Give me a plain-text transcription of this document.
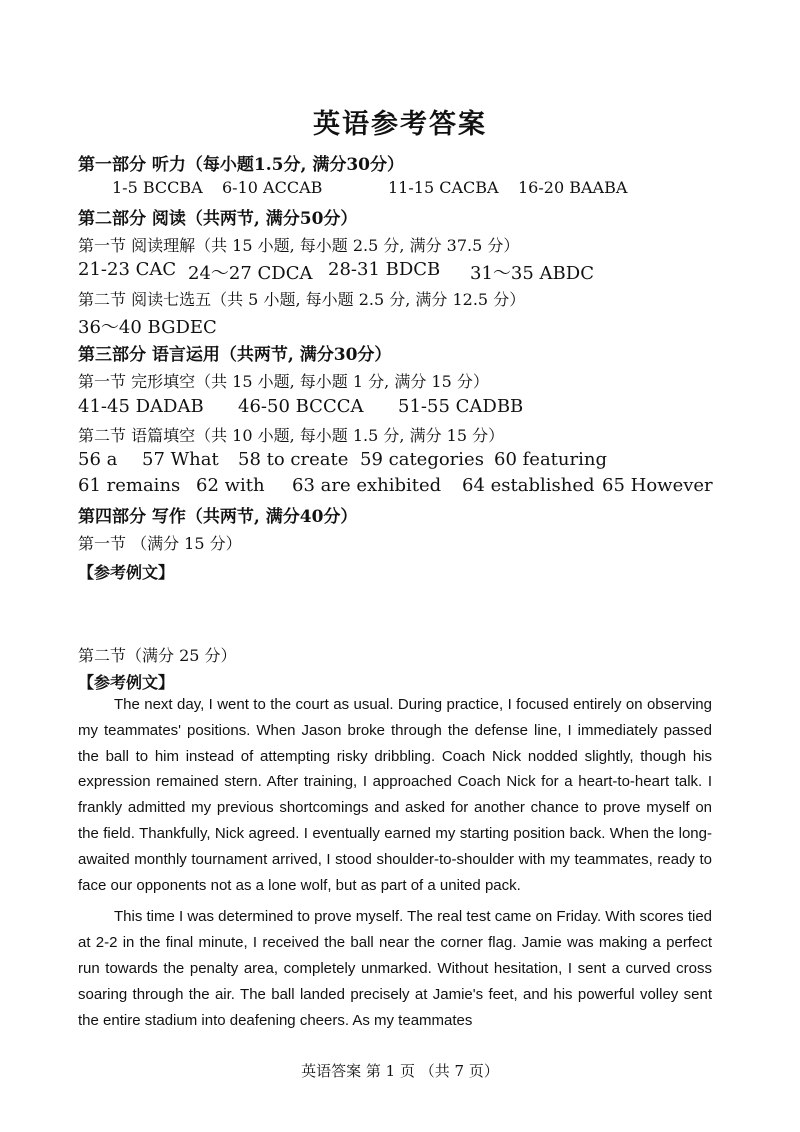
英语参考答案
第一部分 听力（每小题1.5分, 满分30分）
1-5 BCCBA 6-10 ACCAB	11-15 CACBA 16-20 BAABA
第二部分 阅读（共两节, 满分50分）
第一节 阅读理解（共 15 小题, 每小题 2.5 分, 满分 37.5 分）
21-23 CAC 24～27 CDCA 28-31 BDCB 31～35 ABDC
第二节 阅读七选五（共 5 小题, 每小题 2.5 分, 满分 12.5 分）
36～40 BGDEC
第三部分 语言运用（共两节, 满分30分）
第一节 完形填空（共 15 小题, 每小题 1 分, 满分 15 分）
41-45 DADAB 46-50 BCCCA 51-55 CADBB
第二节 语篇填空（共 10 小题, 每小题 1.5 分, 满分 15 分）
56 a 57 What 58 to create 59 categories 60 featuring
61 remains 62 with 63 are exhibited 64 established 65 However
第四部分 写作（共两节, 满分40分）
第一节 （满分 15 分）
【参考例文】
第二节（满分 25 分）
【参考例文】

The next day, I went to the court as usual. During practice, I focused entirely on observing my teammates' positions. When Jason broke through the defense line, I immediately passed the ball to him instead of attempting risky dribbling. Coach Nick nodded slightly, though his expression remained stern. After training, I approached Coach Nick for a heart-to-heart talk. I frankly admitted my previous shortcomings and asked for another chance to prove myself on the field. Thankfully, Nick agreed. I eventually earned my starting position back. When the long-awaited monthly tournament arrived, I stood shoulder-to-shoulder with my teammates, ready to face our opponents not as a lone wolf, but as part of a united pack.

This time I was determined to prove myself. The real test came on Friday. With scores tied at 2-2 in the final minute, I received the ball near the corner flag. Jamie was making a perfect run towards the penalty area, completely unmarked. Without hesitation, I sent a curved cross soaring through the air. The ball landed precisely at Jamie's feet, and his powerful volley sent the entire stadium into deafening cheers. As my teammates

英语答案 第 1 页 （共 7 页）
